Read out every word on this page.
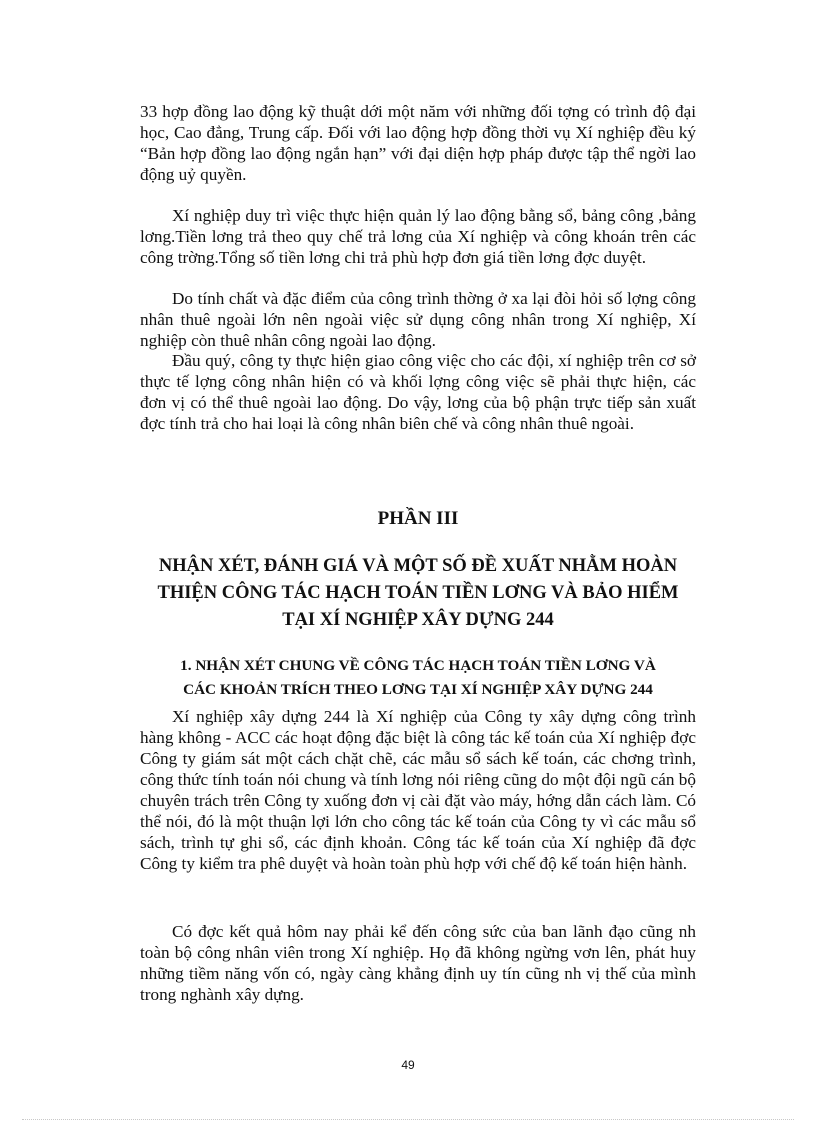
33 hợp đồng lao động kỹ thuật dới một năm với những đối tợng có trình độ đại học, Cao đẳng, Trung cấp. Đối với lao động hợp đồng thời vụ Xí nghiệp đều ký “Bản hợp đồng lao động ngắn hạn” với đại diện hợp pháp được tập thể ngời lao động uỷ quyền.
Xí nghiệp duy trì việc thực hiện quản lý lao động bằng sổ, bảng công ,bảng lơng.Tiền lơng trả theo quy chế trả lơng của Xí nghiệp và công khoán trên các công trờng.Tổng số tiền lơng chi trả phù hợp đơn giá tiền lơng đợc duyệt.
Do tính chất và đặc điểm của công trình thờng ở xa lại đòi hỏi số lợng công nhân thuê ngoài lớn nên ngoài việc sử dụng công nhân trong Xí nghiệp, Xí nghiệp còn thuê nhân công ngoài lao động.
Đầu quý, công ty thực hiện giao công việc cho các đội, xí nghiệp trên cơ sở thực tế lợng công nhân hiện có và khối lợng công việc sẽ phải thực hiện, các đơn vị có thể thuê ngoài lao động. Do vậy, lơng của bộ phận trực tiếp sản xuất đợc tính trả cho hai loại là công nhân biên chế và công nhân thuê ngoài.
PHẦN III
NHẬN XÉT, ĐÁNH GIÁ VÀ MỘT SỐ ĐỀ XUẤT NHẰM HOÀN
THIỆN CÔNG TÁC HẠCH TOÁN TIỀN LƠNG VÀ BẢO HIỂM
TẠI XÍ NGHIỆP XÂY DỰNG 244
1. NHẬN XÉT CHUNG VỀ CÔNG TÁC HẠCH TOÁN TIỀN LƠNG VÀ
CÁC KHOẢN TRÍCH THEO LƠNG TẠI XÍ NGHIỆP XÂY DỰNG 244
Xí nghiệp xây dựng 244 là Xí nghiệp của Công ty xây dựng công trình hàng không - ACC các hoạt động đặc biệt là công tác kế toán của Xí nghiệp đợc Công ty giám sát một cách chặt chẽ, các mẫu sổ sách kế toán, các chơng trình, công thức tính toán nói chung và tính lơng nói riêng cũng do một đội ngũ cán bộ chuyên trách trên Công ty xuống đơn vị cài đặt vào máy, hớng dẫn cách làm. Có thể nói, đó là một thuận lợi lớn cho công tác kế toán của Công ty vì các mẫu sổ sách, trình tự ghi sổ, các định khoản. Công tác kế toán của Xí nghiệp đã đợc Công ty kiểm tra phê duyệt và hoàn toàn phù hợp với chế độ kế toán hiện hành.
Có đợc kết quả hôm nay phải kể đến công sức của ban lãnh đạo cũng nh toàn bộ công nhân viên trong Xí nghiệp. Họ đã không ngừng vơn lên, phát huy những tiềm năng vốn có, ngày càng khẳng định uy tín cũng nh vị thế của mình trong nghành xây dựng.
49
